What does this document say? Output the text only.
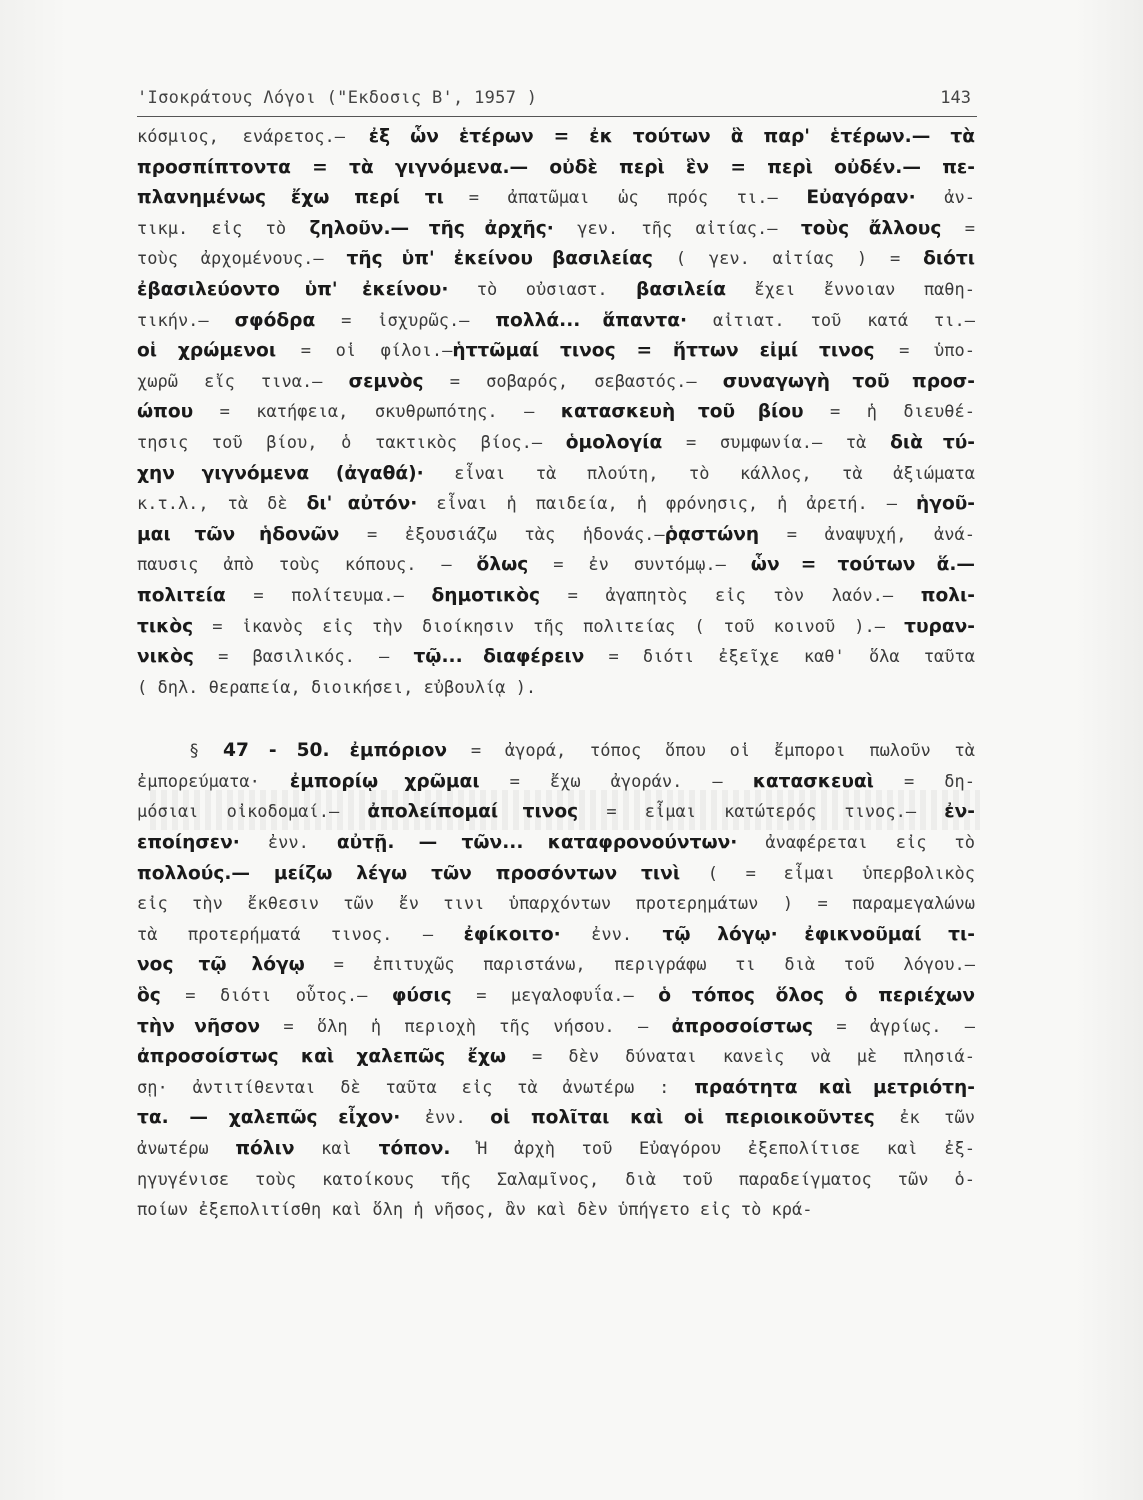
'Ισοκράτους Λόγοι ("Εκδοσις Β', 1957 )	143
κόσμιος, ενάρετος.— ἐξ ὧν ἑτέρων = ἐκ τούτων ἃ παρ' ἑτέρων.— τὰ
προσπίπτοντα = τὰ γιγνόμενα.— οὐδὲ περὶ ἓν = περὶ οὐδέν.— πε-
πλανημένως ἔχω περί τι = ἀπατῶμαι ὡς πρός τι.— Εὐαγόραν· ἀν-
τικμ. εἰς τὸ ζηλοῦν.— τῆς ἀρχῆς· γεν. τῆς αἰτίας.— τοὺς ἄλλους =
τοὺς ἀρχομένους.— τῆς ὑπ' ἐκείνου βασιλείας ( γεν. αἰτίας ) = διότι
ἐβασιλεύοντο ὑπ' ἐκείνου· τὸ οὐσιαστ. βασιλεία ἔχει ἔννοιαν παθη-
τικήν.— σφόδρα = ἰσχυρῶς.— πολλά... ἅπαντα· αἰτιατ. τοῦ κατά τι.—
οἱ χρώμενοι = οἱ φίλοι.—ἡττῶμαί τινος = ἥττων εἰμί τινος = ὑπο-
χωρῶ εἴς τινα.— σεμνὸς = σοβαρός, σεβαστός.— συναγωγὴ τοῦ προσ-
ώπου = κατήφεια, σκυθρωπότης. — κατασκευὴ τοῦ βίου = ἡ διευθέ-
τησις τοῦ βίου, ὁ τακτικὸς βίος.— ὁμολογία = συμφωνία.— τὰ διὰ τύ-
χην γιγνόμενα (ἀγαθά)· εἶναι τὰ πλούτη, τὸ κάλλος, τὰ ἀξιώματα
κ.τ.λ., τὰ δὲ δι' αὐτόν· εἶναι ἡ παιδεία, ἡ φρόνησις, ἡ ἀρετή. — ἡγοῦ-
μαι τῶν ἡδονῶν = ἐξουσιάζω τὰς ἡδονάς.—ῥᾳστώνη = ἀναψυχή, ἀνά-
παυσις ἀπὸ τοὺς κόπους. — ὅλως = ἐν συντόμῳ.— ὧν = τούτων ἅ.—
πολιτεία = πολίτευμα.— δημοτικὸς = ἀγαπητὸς εἰς τὸν λαόν.— πολι-
τικὸς = ἱκανὸς εἰς τὴν διοίκησιν τῆς πολιτείας ( τοῦ κοινοῦ ).— τυραν-
νικὸς = βασιλικός. — τῷ... διαφέρειν = διότι ἐξεῖχε καθ' ὅλα ταῦτα
( δηλ. θεραπεία, διοικήσει, εὐβουλίᾳ ).
§ 47 - 50. ἐμπόριον = ἀγορά, τόπος ὅπου οἱ ἔμποροι πωλοῦν τὰ
ἐμπορεύματα· ἐμπορίῳ χρῶμαι = ἔχω ἀγοράν. — κατασκευαὶ = δη-
μόσιαι οἰκοδομαί.— ἀπολείπομαί τινος = εἶμαι κατώτερός τινος.— ἐν-
εποίησεν· ἐνν. αὐτῇ. — τῶν... καταφρονούντων· ἀναφέρεται εἰς τὸ
πολλούς.— μείζω λέγω τῶν προσόντων τινὶ ( = εἶμαι ὑπερβολικὸς
εἰς τὴν ἔκθεσιν τῶν ἔν τινι ὑπαρχόντων προτερημάτων ) = παραμεγαλώνω
τὰ προτερήματά τινος. — ἐφίκοιτο· ἐνν. τῷ λόγῳ· ἐφικνοῦμαί τι-
νος τῷ λόγῳ = ἐπιτυχῶς παριστάνω, περιγράφω τι διὰ τοῦ λόγου.—
ὃς = διότι οὗτος.— φύσις = μεγαλοφυΐα.— ὁ τόπος ὅλος ὁ περιέχων
τὴν νῆσον = ὅλη ἡ περιοχὴ τῆς νήσου. — ἀπροσοίστως = ἀγρίως. —
ἀπροσοίστως καὶ χαλεπῶς ἔχω = δὲν δύναται κανεὶς νὰ μὲ πλησιά-
σῃ· ἀντιτίθενται δὲ ταῦτα εἰς τὰ ἀνωτέρω : πραότητα καὶ μετριότη-
τα. — χαλεπῶς εἶχον· ἐνν. οἱ πολῖται καὶ οἱ περιοικοῦντες ἐκ τῶν
ἀνωτέρω πόλιν καὶ τόπον. Ἡ ἀρχὴ τοῦ Εὐαγόρου ἐξεπολίτισε καὶ ἐξ-
ηγυγένισε τοὺς κατοίκους τῆς Σαλαμῖνος, διὰ τοῦ παραδείγματος τῶν ὁ-
ποίων ἐξεπολιτίσθη καὶ ὅλη ἡ νῆσος, ἂν καὶ δὲν ὑπήγετο εἰς τὸ κρά-
